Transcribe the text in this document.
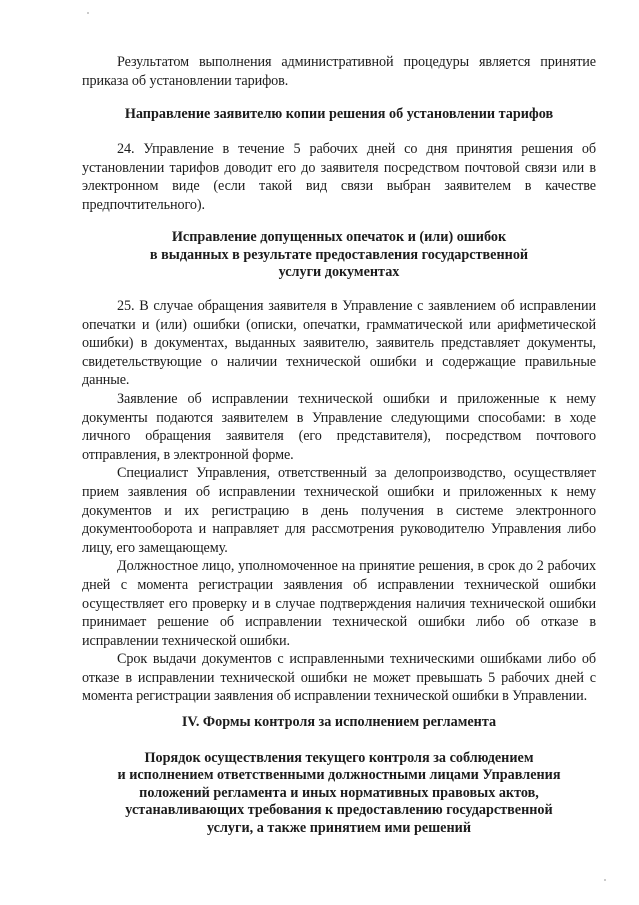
Результатом выполнения административной процедуры является принятие приказа об установлении тарифов.

Направление заявителю копии решения об установлении тарифов

24. Управление в течение 5 рабочих дней со дня принятия решения об установлении тарифов доводит его до заявителя посредством почтовой связи или в электронном виде (если такой вид связи выбран заявителем в качестве предпочтительного).

Исправление допущенных опечаток и (или) ошибок
в выданных в результате предоставления государственной
услуги документах

25. В случае обращения заявителя в Управление с заявлением об исправлении опечатки и (или) ошибки (описки, опечатки, грамматической или арифметической ошибки) в документах, выданных заявителю, заявитель представляет документы, свидетельствующие о наличии технической ошибки и содержащие правильные данные.

Заявление об исправлении технической ошибки и приложенные к нему документы подаются заявителем в Управление следующими способами: в ходе личного обращения заявителя (его представителя), посредством почтового отправления, в электронной форме.

Специалист Управления, ответственный за делопроизводство, осуществляет прием заявления об исправлении технической ошибки и приложенных к нему документов и их регистрацию в день получения в системе электронного документооборота и направляет для рассмотрения руководителю Управления либо лицу, его замещающему.

Должностное лицо, уполномоченное на принятие решения, в срок до 2 рабочих дней с момента регистрации заявления об исправлении технической ошибки осуществляет его проверку и в случае подтверждения наличия технической ошибки принимает решение об исправлении технической ошибки либо об отказе в исправлении технической ошибки.

Срок выдачи документов с исправленными техническими ошибками либо об отказе в исправлении технической ошибки не может превышать 5 рабочих дней с момента регистрации заявления об исправлении технической ошибки в Управлении.

IV. Формы контроля за исполнением регламента
Порядок осуществления текущего контроля за соблюдением
и исполнением ответственными должностными лицами Управления
положений регламента и иных нормативных правовых актов,
устанавливающих требования к предоставлению государственной
услуги, а также принятием ими решений
